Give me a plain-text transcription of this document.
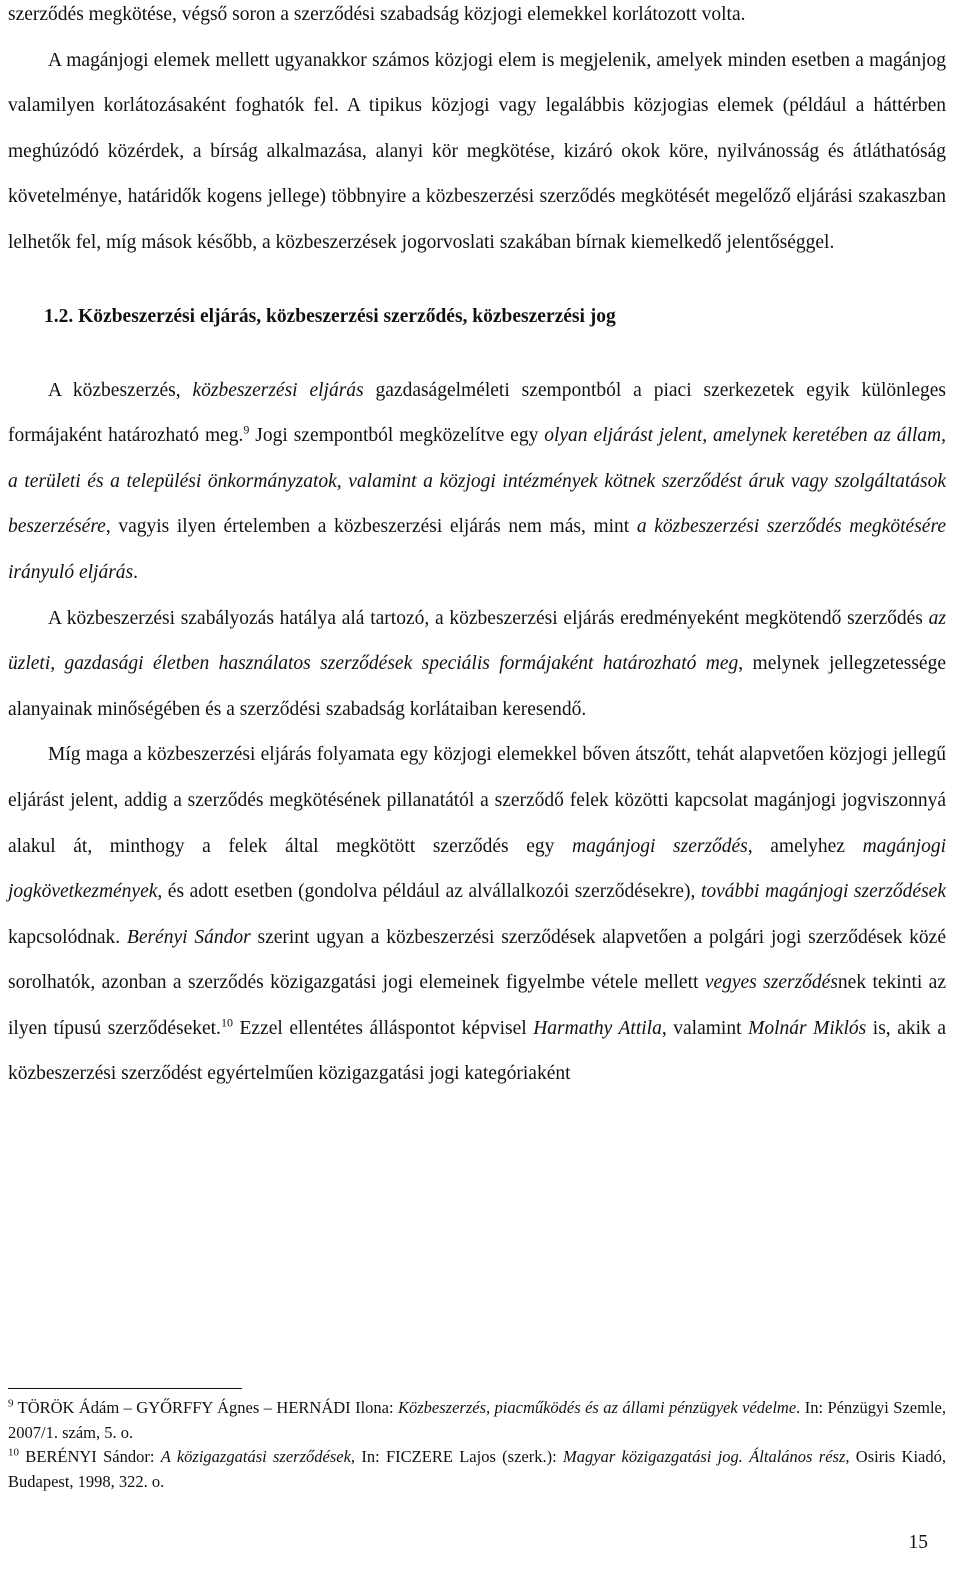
szerződés megkötése, végső soron a szerződési szabadság közjogi elemekkel korlátozott volta.

A magánjogi elemek mellett ugyanakkor számos közjogi elem is megjelenik, amelyek minden esetben a magánjog valamilyen korlátozásaként foghatók fel. A tipikus közjogi vagy legalábbis közjogias elemek (például a háttérben meghúzódó közérdek, a bírság alkalmazása, alanyi kör megkötése, kizáró okok köre, nyilvánosság és átláthatóság követelménye, határidők kogens jellege) többnyire a közbeszerzési szerződés megkötését megelőző eljárási szakaszban lelhetők fel, míg mások később, a közbeszerzések jogorvoslati szakában bírnak kiemelkedő jelentőséggel.

1.2. Közbeszerzési eljárás, közbeszerzési szerződés, közbeszerzési jog

A közbeszerzés, közbeszerzési eljárás gazdaságelméleti szempontból a piaci szerkezetek egyik különleges formájaként határozható meg.$^9$ Jogi szempontból megközelítve egy olyan eljárást jelent, amelynek keretében az állam, a területi és a települési önkormányzatok, valamint a közjogi intézmények kötnek szerződést áruk vagy szolgáltatások beszerzésére, vagyis ilyen értelemben a közbeszerzési eljárás nem más, mint a közbeszerzési szerződés megkötésére irányuló eljárás.

A közbeszerzési szabályozás hatálya alá tartozó, a közbeszerzési eljárás eredményeként megkötendő szerződés az üzleti, gazdasági életben használatos szerződések speciális formájaként határozható meg, melynek jellegzetessége alanyainak minőségében és a szerződési szabadság korlátaiban keresendő.

Míg maga a közbeszerzési eljárás folyamata egy közjogi elemekkel bőven átszőtt, tehát alapvetően közjogi jellegű eljárást jelent, addig a szerződés megkötésének pillanatától a szerződő felek közötti kapcsolat magánjogi jogviszonnyá alakul át, minthogy a felek által megkötött szerződés egy magánjogi szerződés, amelyhez magánjogi jogkövetkezmények, és adott esetben (gondolva például az alvállalkozói szerződésekre), további magánjogi szerződések kapcsolódnak. Berényi Sándor szerint ugyan a közbeszerzési szerződések alapvetően a polgári jogi szerződések közé sorolhatók, azonban a szerződés közigazgatási jogi elemeinek figyelmbe vétele mellett vegyes szerződésnek tekinti az ilyen típusú szerződéseket.$^{10}$ Ezzel ellentétes álláspontot képvisel Harmathy Attila, valamint Molnár Miklós is, akik a közbeszerzési szerződést egyértelműen közigazgatási jogi kategóriaként

$^9$ TÖRÖK Ádám – GYŐRFFY Ágnes – HERNÁDI Ilona: Közbeszerzés, piacműködés és az állami pénzügyek védelme. In: Pénzügyi Szemle, 2007/1. szám, 5. o.

$^{10}$ BERÉNYI Sándor: A közigazgatási szerződések, In: FICZERE Lajos (szerk.): Magyar közigazgatási jog. Általános rész, Osiris Kiadó, Budapest, 1998, 322. o.

15
